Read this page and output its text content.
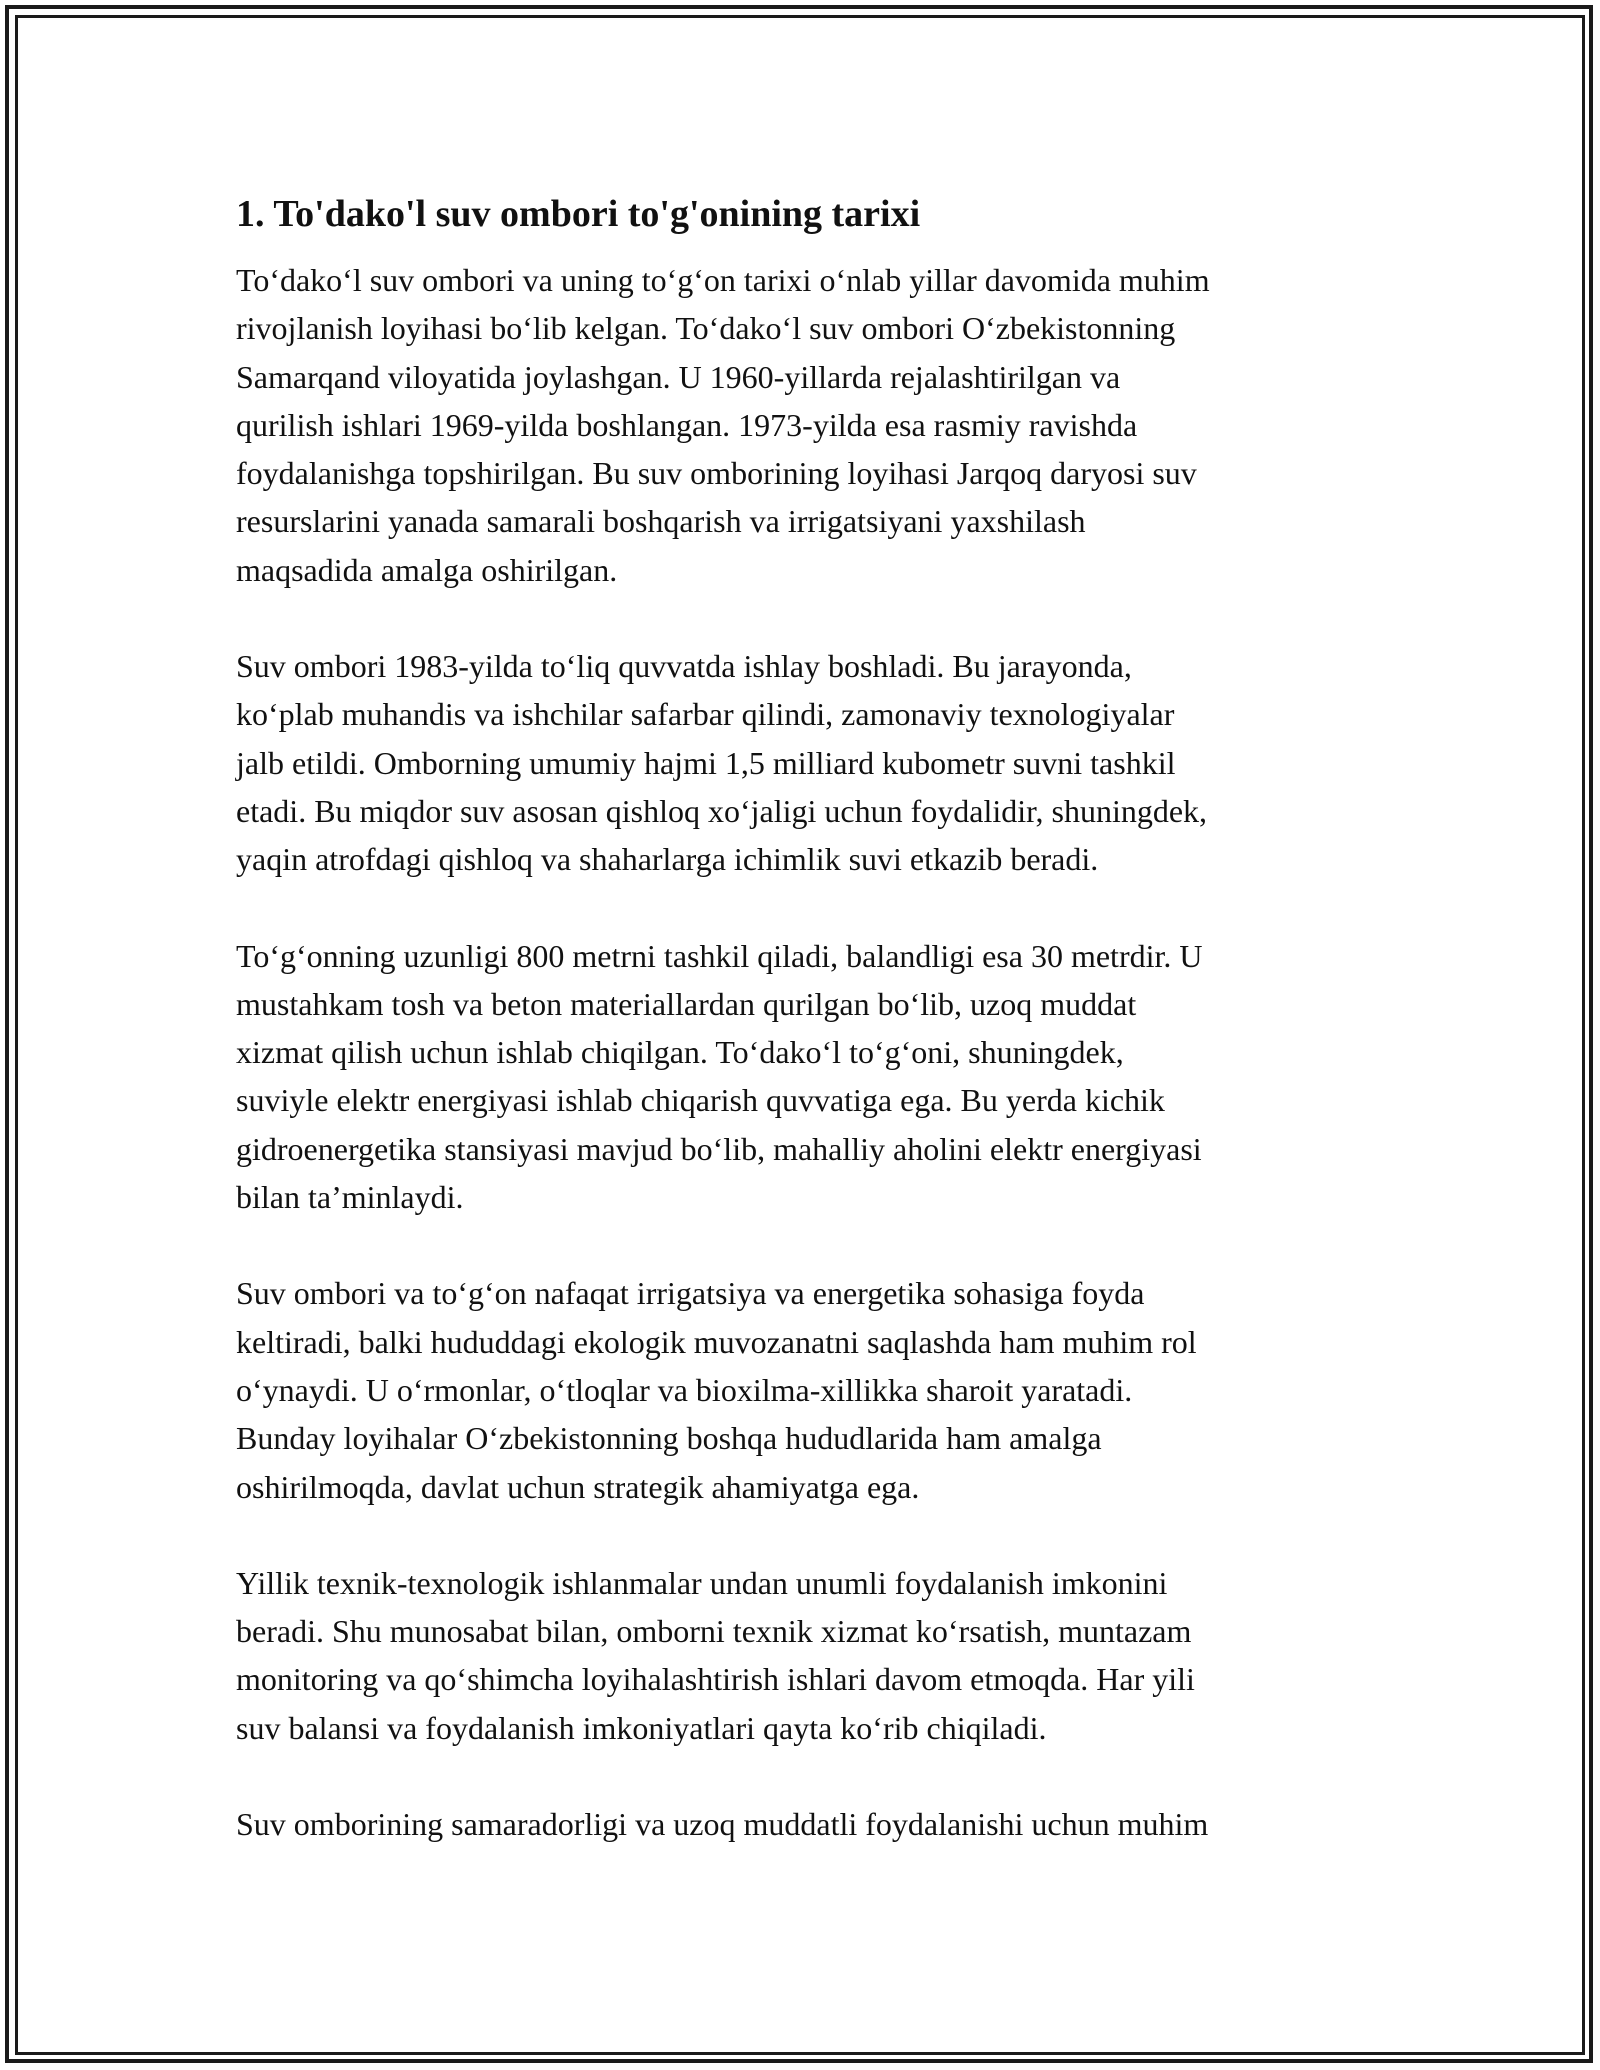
1. To'dako'l suv ombori to'g'onining tarixi

To‘dako‘l suv ombori va uning to‘g‘on tarixi o‘nlab yillar davomida muhim
rivojlanish loyihasi bo‘lib kelgan. To‘dako‘l suv ombori O‘zbekistonning
Samarqand viloyatida joylashgan. U 1960-yillarda rejalashtirilgan va
qurilish ishlari 1969-yilda boshlangan. 1973-yilda esa rasmiy ravishda
foydalanishga topshirilgan. Bu suv omborining loyihasi Jarqoq daryosi suv
resurslarini yanada samarali boshqarish va irrigatsiyani yaxshilash
maqsadida amalga oshirilgan.

Suv ombori 1983-yilda to‘liq quvvatda ishlay boshladi. Bu jarayonda,
ko‘plab muhandis va ishchilar safarbar qilindi, zamonaviy texnologiyalar
jalb etildi. Omborning umumiy hajmi 1,5 milliard kubometr suvni tashkil
etadi. Bu miqdor suv asosan qishloq xo‘jaligi uchun foydalidir, shuningdek,
yaqin atrofdagi qishloq va shaharlarga ichimlik suvi etkazib beradi.

To‘g‘onning uzunligi 800 metrni tashkil qiladi, balandligi esa 30 metrdir. U
mustahkam tosh va beton materiallardan qurilgan bo‘lib, uzoq muddat
xizmat qilish uchun ishlab chiqilgan. To‘dako‘l to‘g‘oni, shuningdek,
suviyle elektr energiyasi ishlab chiqarish quvvatiga ega. Bu yerda kichik
gidroenergetika stansiyasi mavjud bo‘lib, mahalliy aholini elektr energiyasi
bilan ta’minlaydi.

Suv ombori va to‘g‘on nafaqat irrigatsiya va energetika sohasiga foyda
keltiradi, balki hududdagi ekologik muvozanatni saqlashda ham muhim rol
o‘ynaydi. U o‘rmonlar, o‘tloqlar va bioxilma-xillikka sharoit yaratadi.
Bunday loyihalar O‘zbekistonning boshqa hududlarida ham amalga
oshirilmoqda, davlat uchun strategik ahamiyatga ega.

Yillik texnik-texnologik ishlanmalar undan unumli foydalanish imkonini
beradi. Shu munosabat bilan, omborni texnik xizmat ko‘rsatish, muntazam
monitoring va qo‘shimcha loyihalashtirish ishlari davom etmoqda. Har yili
suv balansi va foydalanish imkoniyatlari qayta ko‘rib chiqiladi.

Suv omborining samaradorligi va uzoq muddatli foydalanishi uchun muhim
